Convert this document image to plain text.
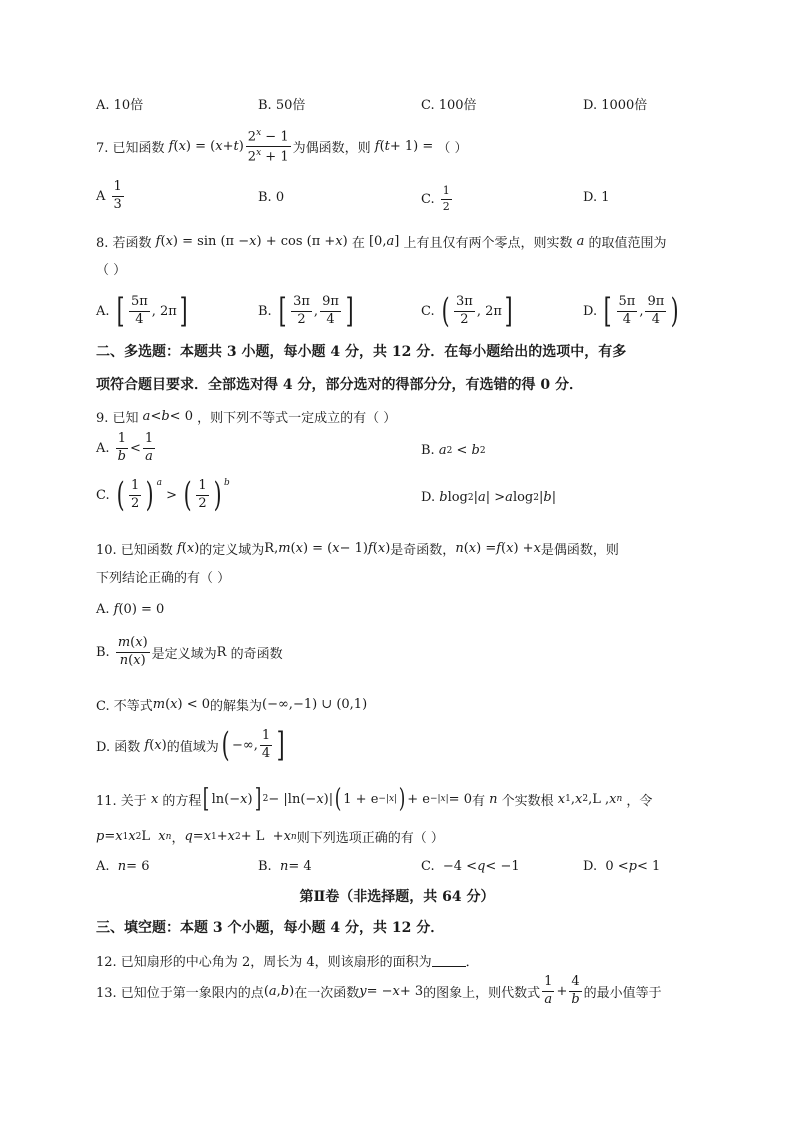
A. 10倍	B. 50倍	C. 100倍	D. 1000倍
7. 已知函数 f ( x ) = ( x + t ) $\frac{2^x - 1}{2^x + 1}$ 为偶函数，则 f ( t + 1) = （ ）
A
$\frac{1}{3}$	B. 0	C.
$\frac{1}{2}$	D. 1
8. 若函数 f ( x ) = sin (π − x ) + cos (π + x ) 在 [0, a ] 上有且仅有两个零点，则实数 a 的取值范围为
（ ）
A.
[ $\frac{5\pi}{4}$ , 2π ]	B.
[ $\frac{3\pi}{2}$ , $\frac{9\pi}{4}$ ]	C.
( $\frac{3\pi}{2}$ , 2π ]	D.
[ $\frac{5\pi}{4}$ , $\frac{9\pi}{4}$ )
二、多选题：本题共 3 小题，每小题 4 分，共 12 分．在每小题给出的选项中，有多
项符合题目要求．全部选对得 4 分，部分选对的得部分分，有选错的得 0 分．
9. 已知 a < b < 0 ，则下列不等式一定成立的有（ ）
A.
$\frac{1}{b} < \frac{1}{a}$	B.
a 2 < b 2
C.
( $\frac{1}{2}$ ) $^a$
> ( $\frac{1}{2}$ ) $^b$
D.
b log 2 | a | > a log 2 | b |
10. 已知函数 f ( x ) 的定义域为 R, m ( x ) = ( x − 1) f ( x ) 是奇函数， n ( x ) = f ( x ) + x 是偶函数，则
下列结论正确的有（ ）
A.
f (0) = 0
B.
$\frac{m(x)}{n(x)}$ 是定义域为 R 的奇函数
C. 不等式 m ( x ) < 0 的解集为 (−∞,−1) ∪ (0,1)
D. 函数 f ( x ) 的值域为 ( −∞, $\frac{1}{4}$ ]
11. 关于 x 的方程 [ ln(− x ) ] 2 − |ln(− x )| ( 1 + e −|x| ) + e −|x| = 0 有 n 个实数根 x 1 , x 2 ,L , x n
，令
p = x 1 x 2 L x n ， q = x 1 + x 2 + L  + x n 则下列选项正确的有（ ）
A.
n = 6	B.
n = 4	C.
−4 < q < −1	D.
0 < p < 1
第Ⅱ卷（非选择题，共 64 分）
三、填空题：本题 3 个小题，每小题 4 分，共 12 分．
12. 已知扇形的中心角为 2，周长为 4，则该扇形的面积为	．
13. 已知位于第一象限内的点 ( a , b ) 在一次函数 y = − x + 3 的图象上，则代数式 $\frac{1}{a} + \frac{4}{b}$ 的最小值等于
